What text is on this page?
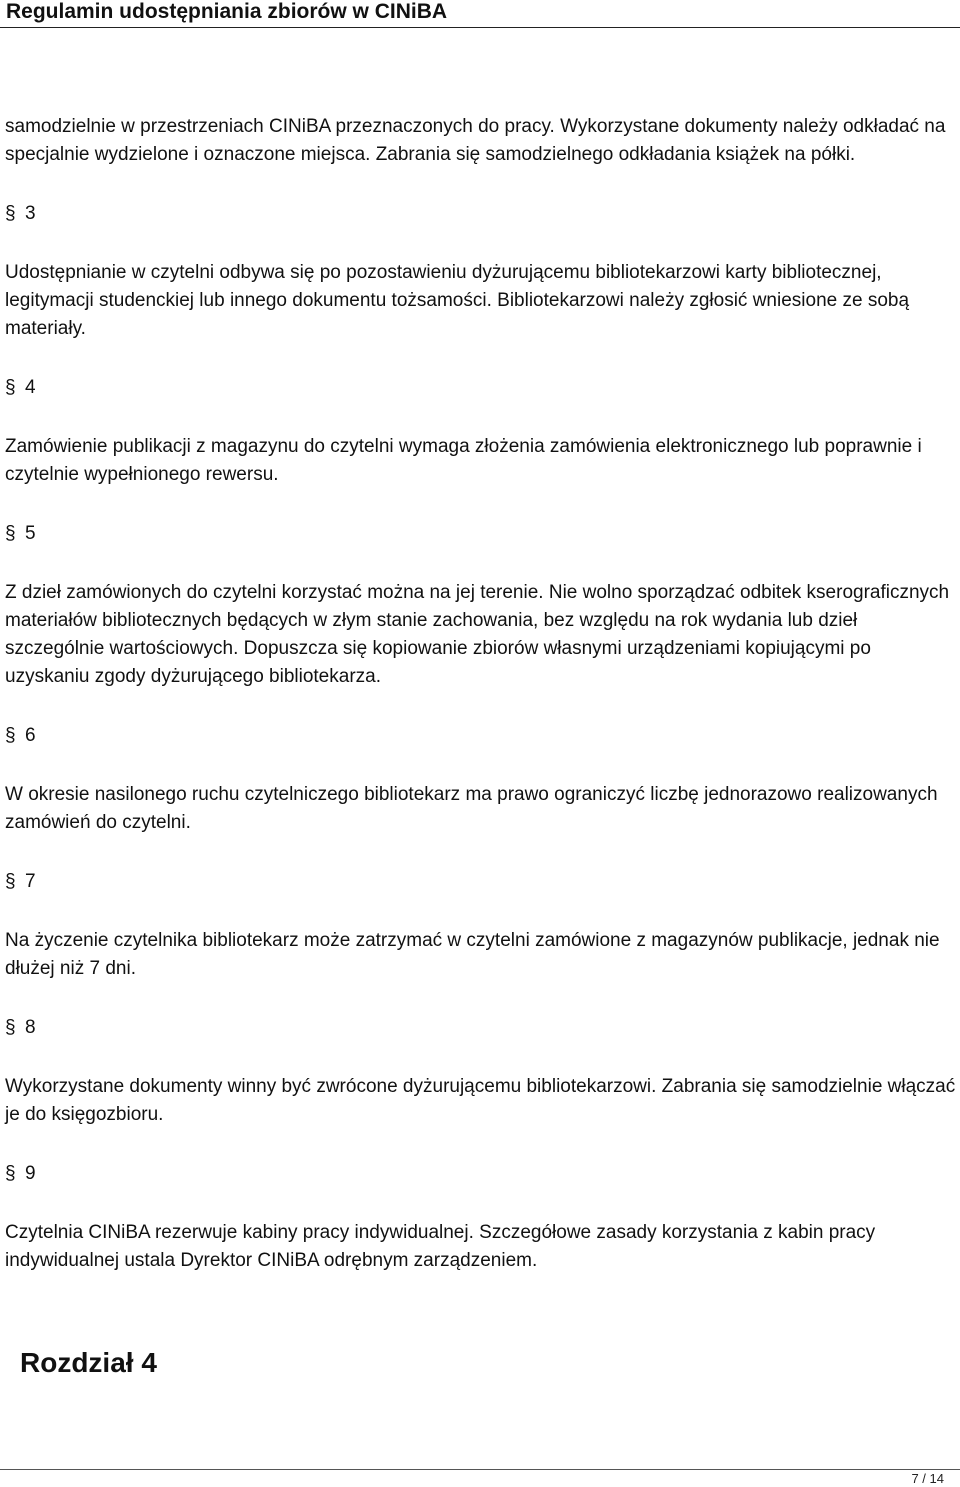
Regulamin udostępniania zbiorów w CINiBA

samodzielnie w przestrzeniach CINiBA przeznaczonych do pracy. Wykorzystane dokumenty należy odkładać na specjalnie wydzielone i oznaczone miejsca. Zabrania się samodzielnego odkładania książek na półki.

§ 3

Udostępnianie w czytelni odbywa się po pozostawieniu dyżurującemu bibliotekarzowi karty bibliotecznej, legitymacji studenckiej lub innego dokumentu tożsamości. Bibliotekarzowi należy zgłosić wniesione ze sobą materiały.

§ 4

Zamówienie publikacji z magazynu do czytelni wymaga złożenia zamówienia elektronicznego lub poprawnie i czytelnie wypełnionego rewersu.

§ 5

Z dzieł zamówionych do czytelni korzystać można na jej terenie. Nie wolno sporządzać odbitek kserograficznych materiałów bibliotecznych będących w złym stanie zachowania, bez względu na rok wydania lub dzieł szczególnie wartościowych. Dopuszcza się kopiowanie zbiorów własnymi urządzeniami kopiującymi po uzyskaniu zgody dyżurującego bibliotekarza.

§ 6

W okresie nasilonego ruchu czytelniczego bibliotekarz ma prawo ograniczyć liczbę jednorazowo realizowanych zamówień do czytelni.

§ 7

Na życzenie czytelnika bibliotekarz może zatrzymać w czytelni zamówione z magazynów publikacje, jednak nie dłużej niż 7 dni.

§ 8

Wykorzystane dokumenty winny być zwrócone dyżurującemu bibliotekarzowi. Zabrania się samodzielnie włączać je do księgozbioru.

§ 9

Czytelnia CINiBA rezerwuje kabiny pracy indywidualnej. Szczegółowe zasady korzystania z kabin pracy indywidualnej ustala Dyrektor CINiBA odrębnym zarządzeniem.

Rozdział 4
7 / 14
